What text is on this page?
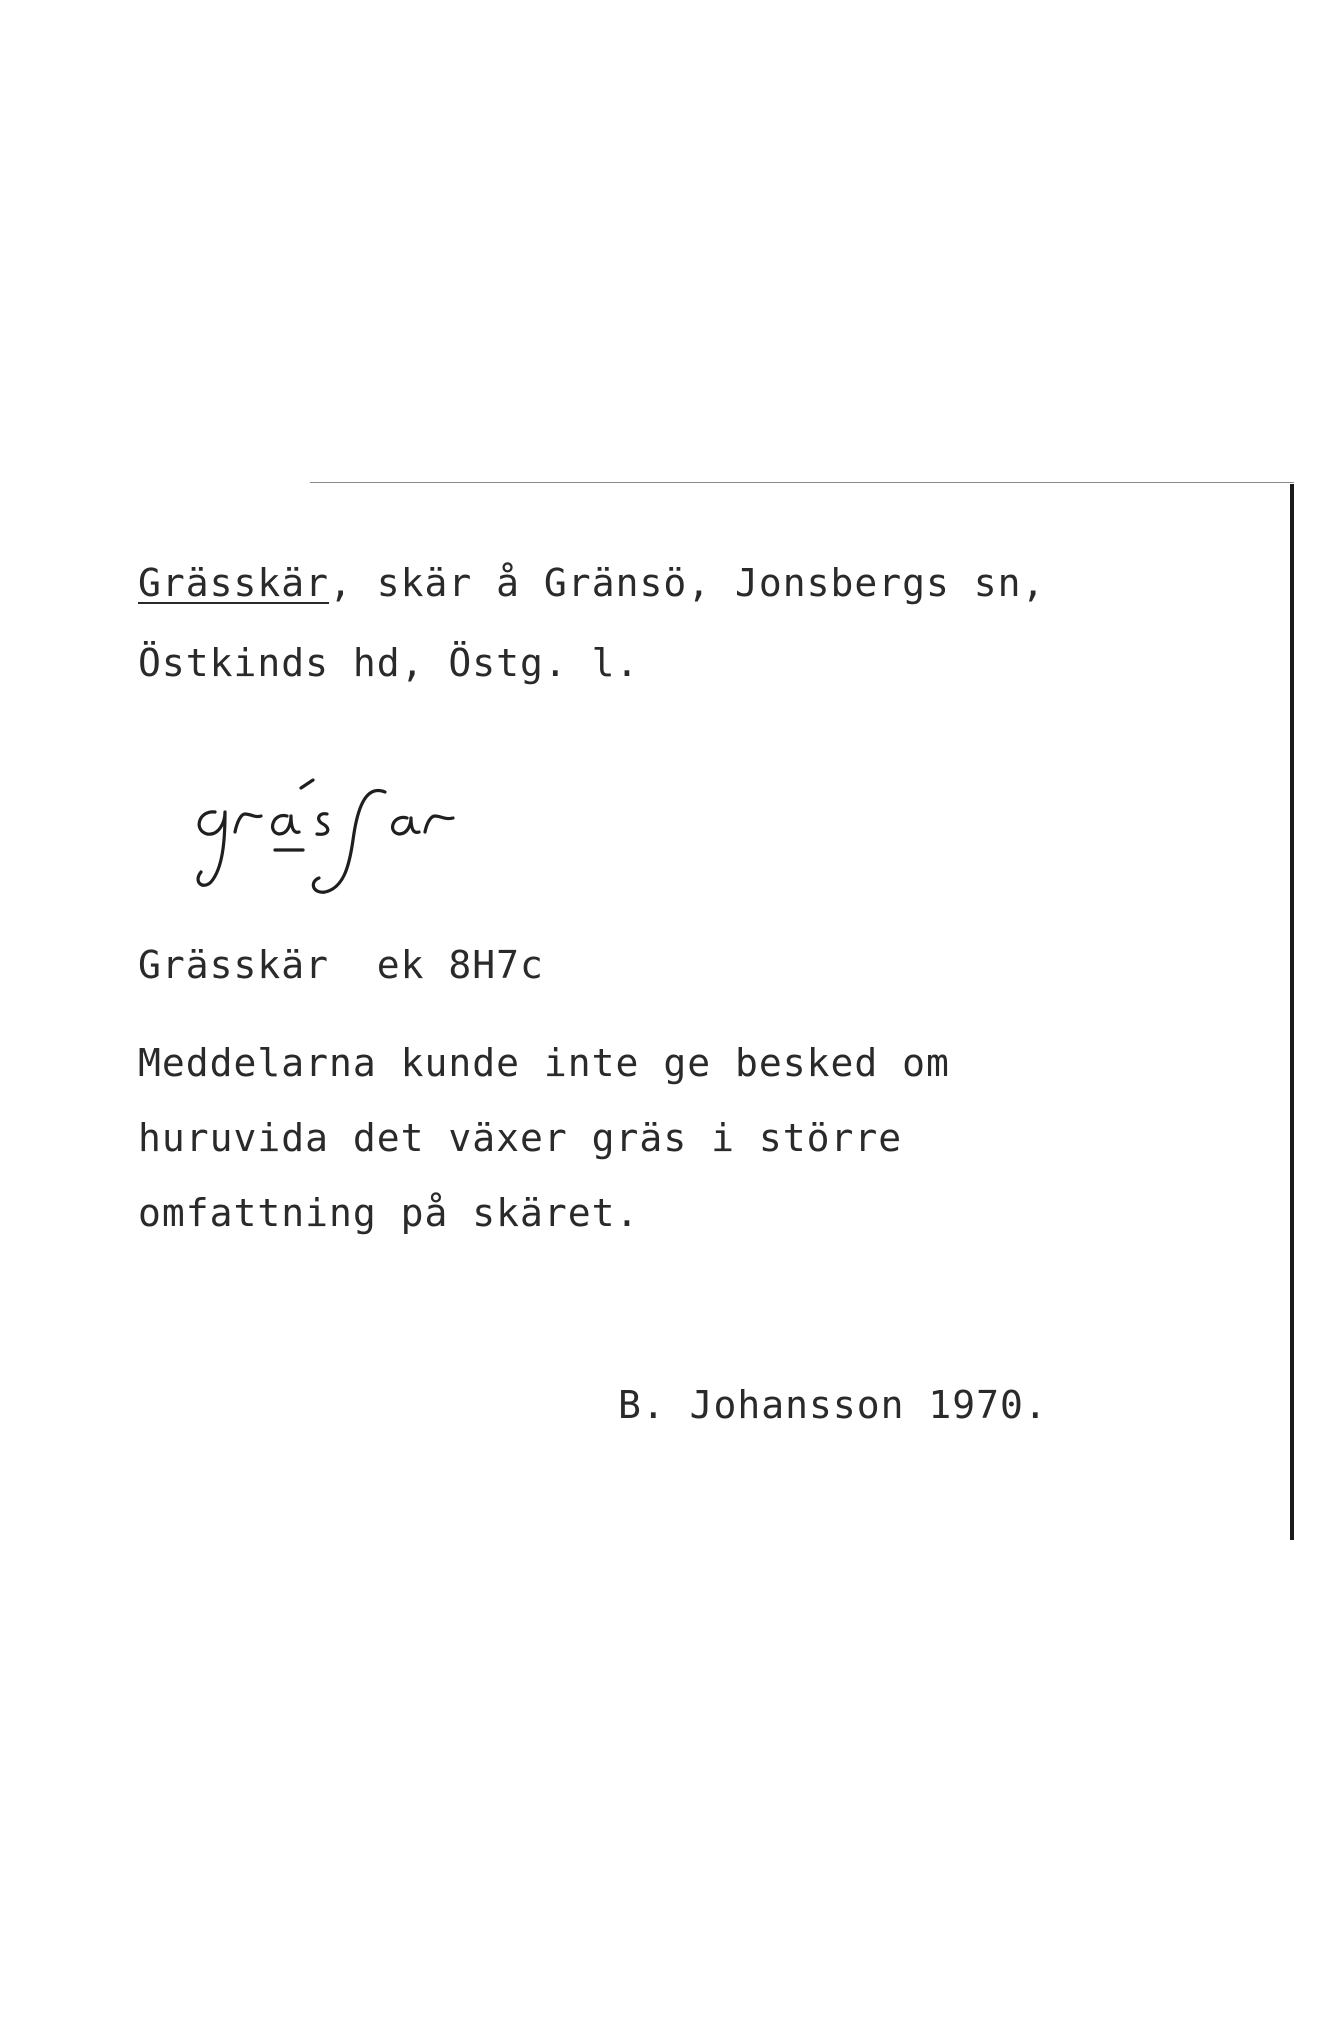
Grässkär, skär å Gränsö, Jonsbergs sn,
Östkinds hd, Östg. l.
gräsfar
Grässkär  ek 8H7c
Meddelarna kunde inte ge besked om
huruvida det växer gräs i större
omfattning på skäret.
B. Johansson 1970.
